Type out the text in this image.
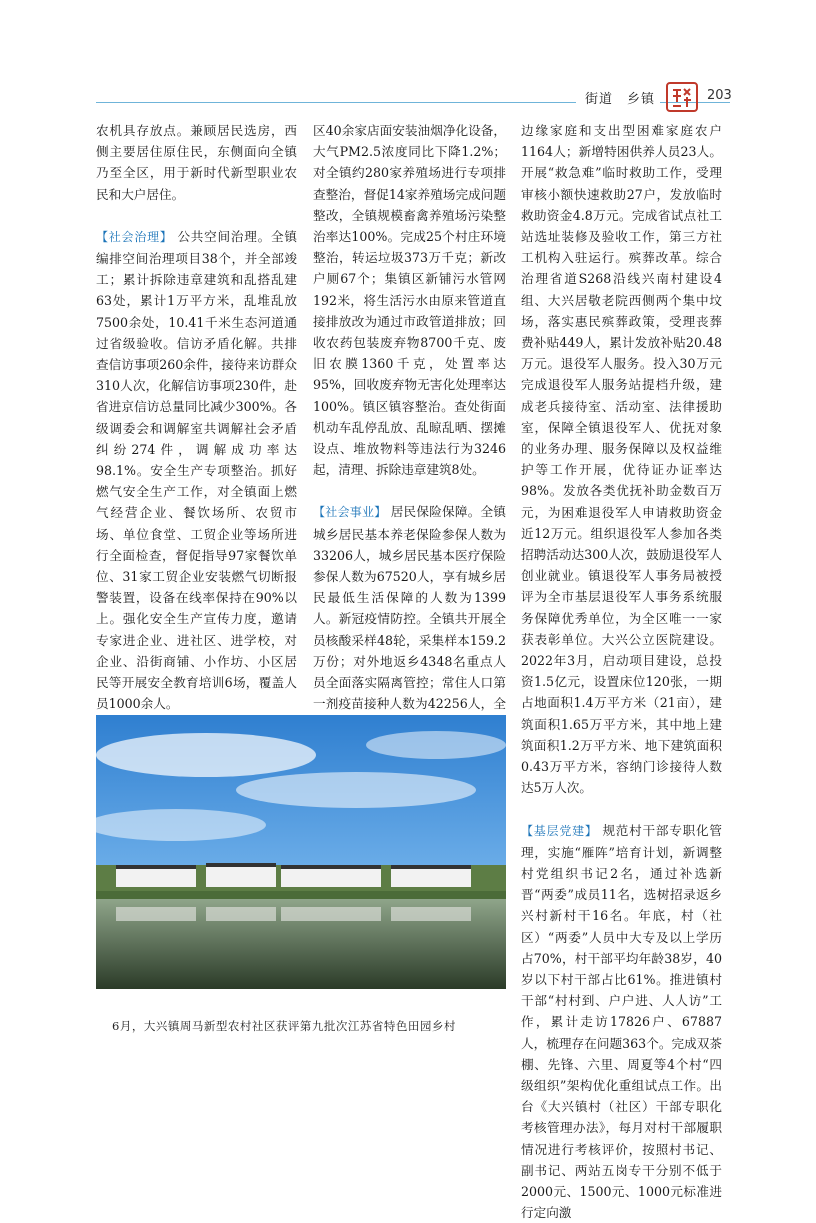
街道　乡镇	203

农机具存放点。兼顾居民选房，西侧主要居住原住民，东侧面向全镇乃至全区，用于新时代新型职业农民和大户居住。

【社会治理】 公共空间治理。全镇编排空间治理项目38个，并全部竣工；累计拆除违章建筑和乱搭乱建63处，累计1万平方米，乱堆乱放7500余处，10.41千米生态河道通过省级验收。信访矛盾化解。共排查信访事项260余件，接待来访群众310人次，化解信访事项230件，赴省进京信访总量同比减少300%。各级调委会和调解室共调解社会矛盾纠纷274件，调解成功率达98.1%。安全生产专项整治。抓好燃气安全生产工作，对全镇面上燃气经营企业、餐饮场所、农贸市场、单位食堂、工贸企业等场所进行全面检查，督促指导97家餐饮单位、31家工贸企业安装燃气切断报警装置，设备在线率保持在90%以上。强化安全生产宣传力度，邀请专家进企业、进社区、进学校，对企业、沿街商铺、小作坊、小区居民等开展安全教育培训6场，覆盖人员1000余人。

区40余家店面安装油烟净化设备，大气PM2.5浓度同比下降1.2%；对全镇约280家养殖场进行专项排查整治，督促14家养殖场完成问题整改，全镇规模畜禽养殖场污染整治率达100%。完成25个村庄环境整治，转运垃圾373万千克；新改户厕67个；集镇区新铺污水管网192米，将生活污水由原来管道直接排放改为通过市政管道排放；回收农药包装废弃物8700千克、废旧农膜1360千克，处置率达95%，回收废弃物无害化处理率达100%。镇区镇容整治。查处街面机动车乱停乱放、乱晾乱晒、摆摊设点、堆放物料等违法行为3246起，清理、拆除违章建筑8处。

【社会事业】 居民保险保障。全镇城乡居民基本养老保险参保人数为33206人，城乡居民基本医疗保险参保人数为67520人，享有城乡居民最低生活保障的人数为1399人。新冠疫情防控。全镇共开展全员核酸采样48轮，采集样本159.2万份；对外地返乡4348名重点人员全面落实隔离管控；常住人口第一剂疫苗接种人数为42256人，全

边缘家庭和支出型困难家庭农户1164人；新增特困供养人员23人。开展“救急难”临时救助工作，受理审核小额快速救助27户，发放临时救助资金4.8万元。完成省试点社工站选址装修及验收工作，第三方社工机构入驻运行。殡葬改革。综合治理省道S268沿线兴南村建设4组、大兴居敬老院西侧两个集中坟场，落实惠民殡葬政策，受理丧葬费补贴449人，累计发放补贴20.48万元。退役军人服务。投入30万元完成退役军人服务站提档升级，建成老兵接待室、活动室、法律援助室，保障全镇退役军人、优抚对象的业务办理、服务保障以及权益维护等工作开展，优待证办证率达98%。发放各类优抚补助金数百万元，为困难退役军人申请救助资金近12万元。组织退役军人参加各类招聘活动达300人次，鼓励退役军人创业就业。镇退役军人事务局被授评为全市基层退役军人事务系统服务保障优秀单位，为全区唯一一家获表彰单位。大兴公立医院建设。2022年3月，启动项目建设，总投资1.5亿元，设置床位120张，一期占地面积1.4万平方米（21亩），建筑面积1.65万平方米，其中地上建筑面积1.2万平方米、地下建筑面积0.43万平方米，容纳门诊接待人数达5万人次。

【基层党建】 规范村干部专职化管理，实施“雁阵”培育计划，新调整村党组织书记2名，通过补选新晋“两委”成员11名，选树招录返乡兴村新村干16名。年底，村（社区）“两委”人员中大专及以上学历占70%，村干部平均年龄38岁，40岁以下村干部占比61%。推进镇村干部“村村到、户户进、人人访”工作，累计走访17826户、67887人，梳理存在问题363个。完成双茶棚、先锋、六里、周夏等4个村“四级组织”架构优化重组试点工作。出台《大兴镇村（社区）干部专职化考核管理办法》，每月对村干部履职情况进行考核评价，按照村书记、副书记、两站五岗专干分别不低于2000元、1500元、1000元标准进行定向激

6月，大兴镇周马新型农村社区获评第九批次江苏省特色田园乡村
